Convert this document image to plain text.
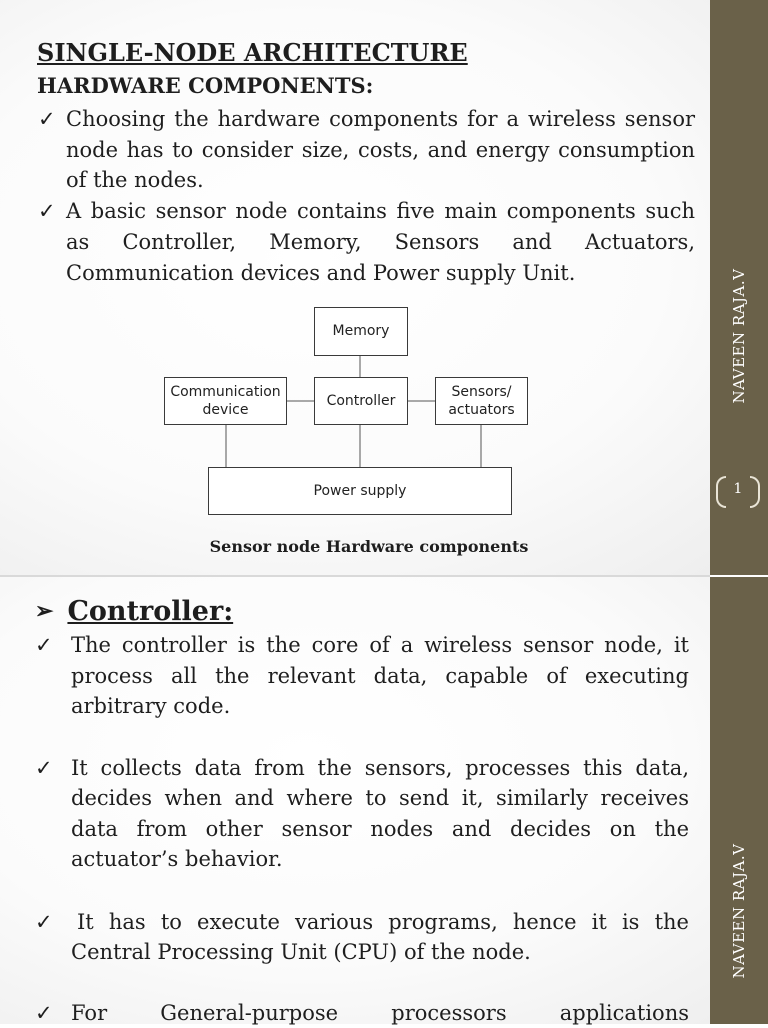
SINGLE-NODE ARCHITECTURE
HARDWARE COMPONENTS:
✓ Choosing the hardware components for a wireless sensor node has to consider size, costs, and energy consumption of the nodes.
✓ A basic sensor node contains five main components such as Controller, Memory, Sensors and Actuators, Communication devices and Power supply Unit.
Memory
Controller
Communication
device
Sensors/
actuators
Power supply
Sensor node Hardware components
NAVEEN RAJA.V
1
NAVEEN RAJA.V
➢ Controller:
✓ The controller is the core of a wireless sensor node, it process all the relevant data, capable of executing arbitrary code.
✓ It collects data from the sensors, processes this data, decides when and where to send it, similarly receives data from other sensor nodes and decides on the actuator’s behavior.
✓ It has to execute various programs, hence it is the Central Processing Unit (CPU) of the node.
✓ For General-purpose processors applications
